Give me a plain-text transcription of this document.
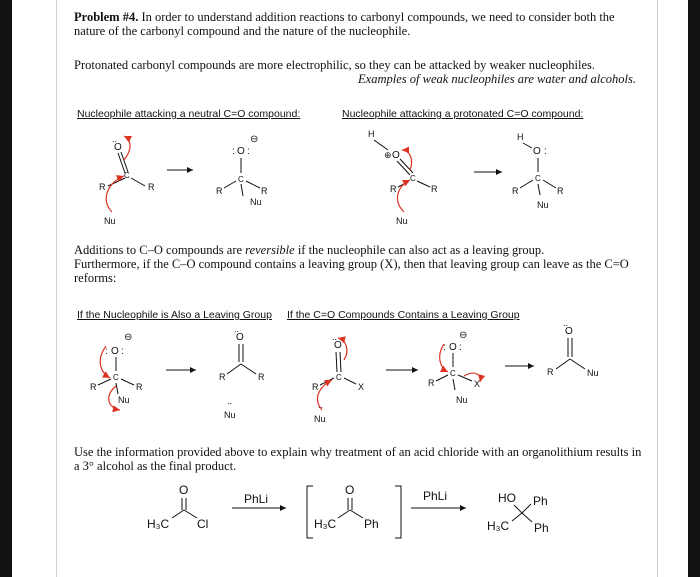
Problem #4. In order to understand addition reactions to carbonyl compounds, we need to consider both the nature of the carbonyl compound and the nature of the nucleophile.
Protonated carbonyl compounds are more electrophilic, so they can be attacked by weaker nucleophiles.
Examples of weak nucleophiles are water and alcohols.
Nucleophile attacking a neutral C=O compound:	Nucleophile attacking a protonated C=O compound:
Additions to C–O compounds are reversible if the nucleophile can also act as a leaving group.
Furthermore, if the C–O compound contains a leaving group (X), then that leaving group can leave as the C=O reforms:
If the Nucleophile is Also a Leaving Group If the C=O Compounds Contains a Leaving Group
Use the information provided above to explain why treatment of an acid chloride with an organolithium results in a 3° alcohol as the final product.
O
..
C
R	R
Nu
O
: :
⊖
C
R	R
Nu
H
O
⊕
C
R	R
Nu
H
O :
C
R	R
Nu
O
: :
⊖
C
R	R
Nu
O
..
R	R
..
Nu
O
..
C
R	X
..
Nu
O
: :
⊖
C
R	X
Nu
O
..
R	Nu
O
H₃C Cl
PhLi
O
H₃C Ph
PhLi	HO Ph
H₃C Ph
